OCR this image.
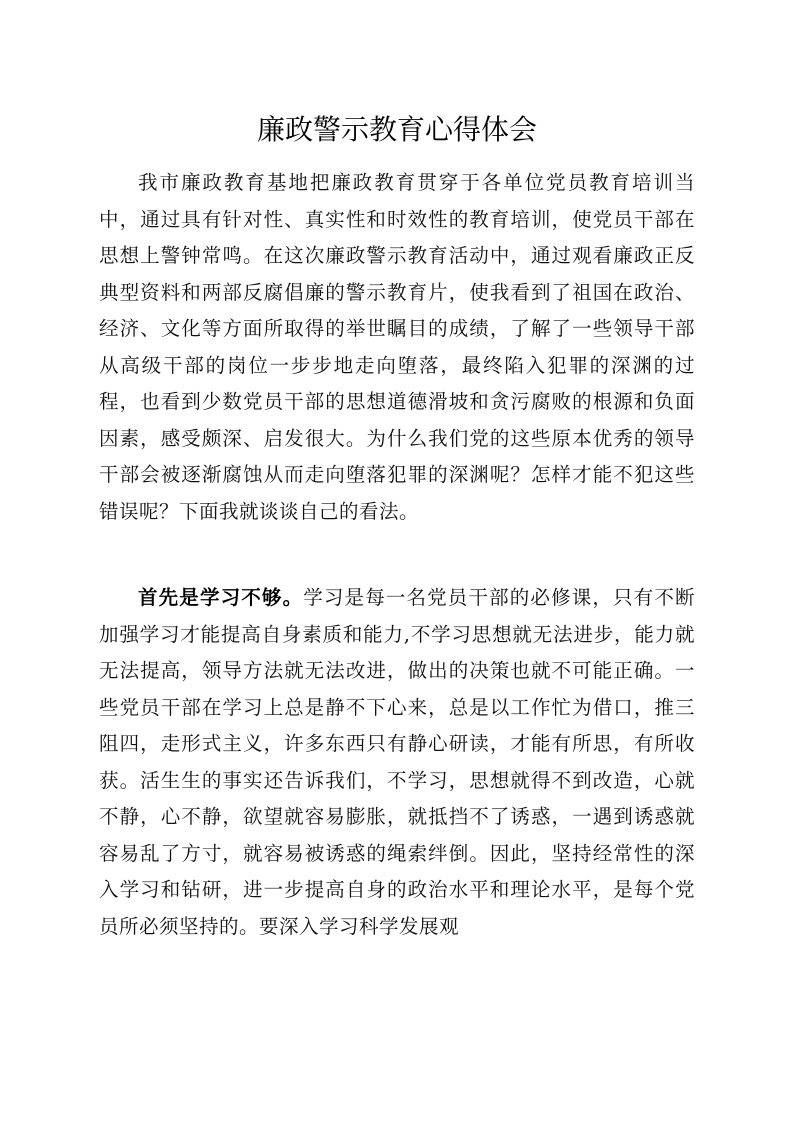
廉政警示教育心得体会

我市廉政教育基地把廉政教育贯穿于各单位党员教育培训当中，通过具有针对性、真实性和时效性的教育培训，使党员干部在思想上警钟常鸣。在这次廉政警示教育活动中，通过观看廉政正反典型资料和两部反腐倡廉的警示教育片，使我看到了祖国在政治、经济、文化等方面所取得的举世瞩目的成绩，了解了一些领导干部从高级干部的岗位一步步地走向堕落，最终陷入犯罪的深渊的过程，也看到少数党员干部的思想道德滑坡和贪污腐败的根源和负面因素，感受颇深、启发很大。为什么我们党的这些原本优秀的领导干部会被逐渐腐蚀从而走向堕落犯罪的深渊呢？怎样才能不犯这些错误呢？下面我就谈谈自己的看法。

首先是学习不够。学习是每一名党员干部的必修课，只有不断加强学习才能提高自身素质和能力,不学习思想就无法进步，能力就无法提高，领导方法就无法改进，做出的决策也就不可能正确。一些党员干部在学习上总是静不下心来，总是以工作忙为借口，推三阻四，走形式主义，许多东西只有静心研读，才能有所思，有所收获。活生生的事实还告诉我们，不学习，思想就得不到改造，心就不静，心不静，欲望就容易膨胀，就抵挡不了诱惑，一遇到诱惑就容易乱了方寸，就容易被诱惑的绳索绊倒。因此，坚持经常性的深入学习和钻研，进一步提高自身的政治水平和理论水平，是每个党员所必须坚持的。要深入学习科学发展观
